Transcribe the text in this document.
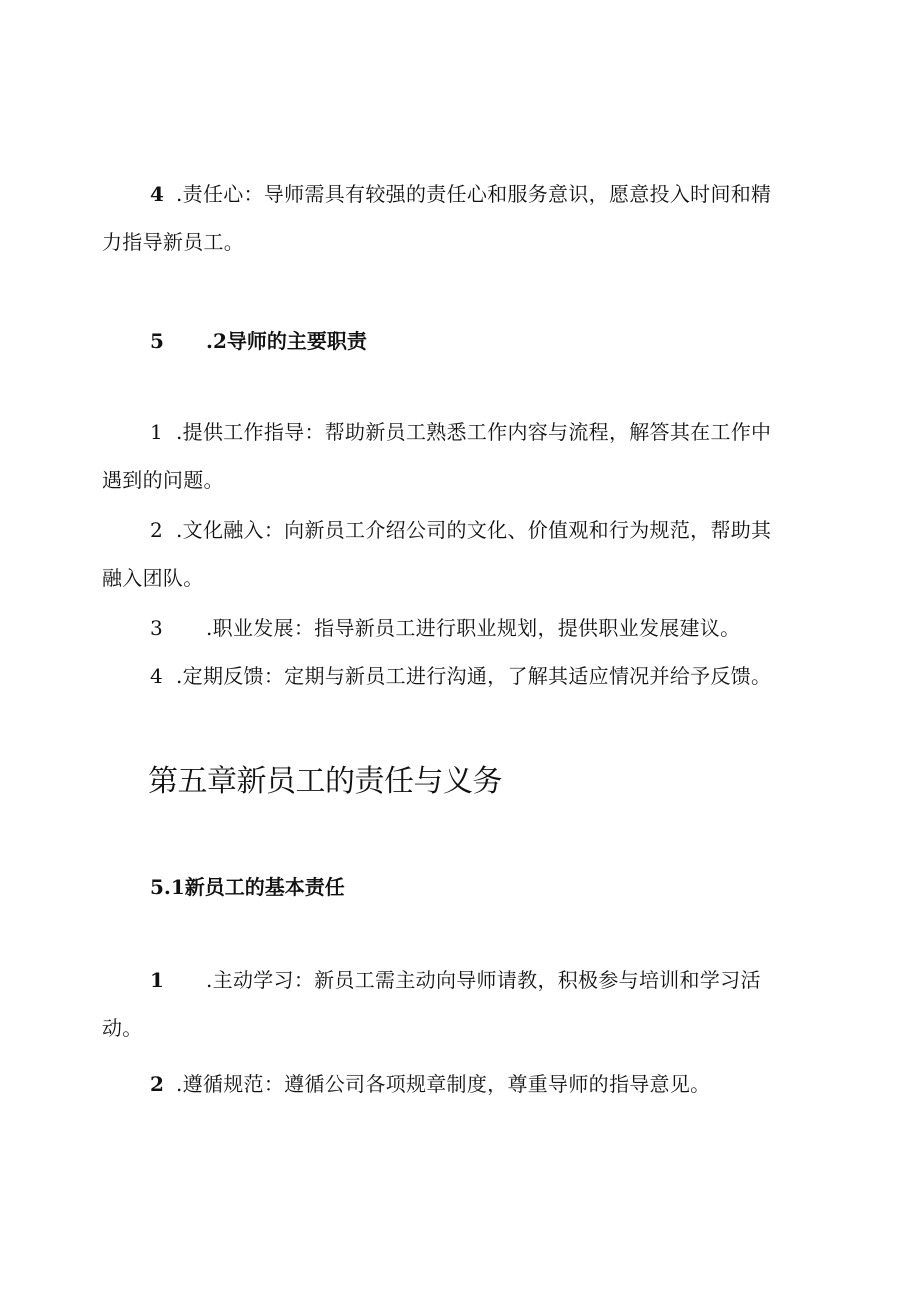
4 .责任心：导师需具有较强的责任心和服务意识，愿意投入时间和精
力指导新员工。
5 .2导师的主要职责
1 .提供工作指导：帮助新员工熟悉工作内容与流程，解答其在工作中
遇到的问题。
2 .文化融入：向新员工介绍公司的文化、价值观和行为规范，帮助其
融入团队。
3 .职业发展：指导新员工进行职业规划，提供职业发展建议。
4 .定期反馈：定期与新员工进行沟通，了解其适应情况并给予反馈。
第五章新员工的责任与义务
5.1新员工的基本责任
1 .主动学习：新员工需主动向导师请教，积极参与培训和学习活
动。
2 .遵循规范：遵循公司各项规章制度，尊重导师的指导意见。
